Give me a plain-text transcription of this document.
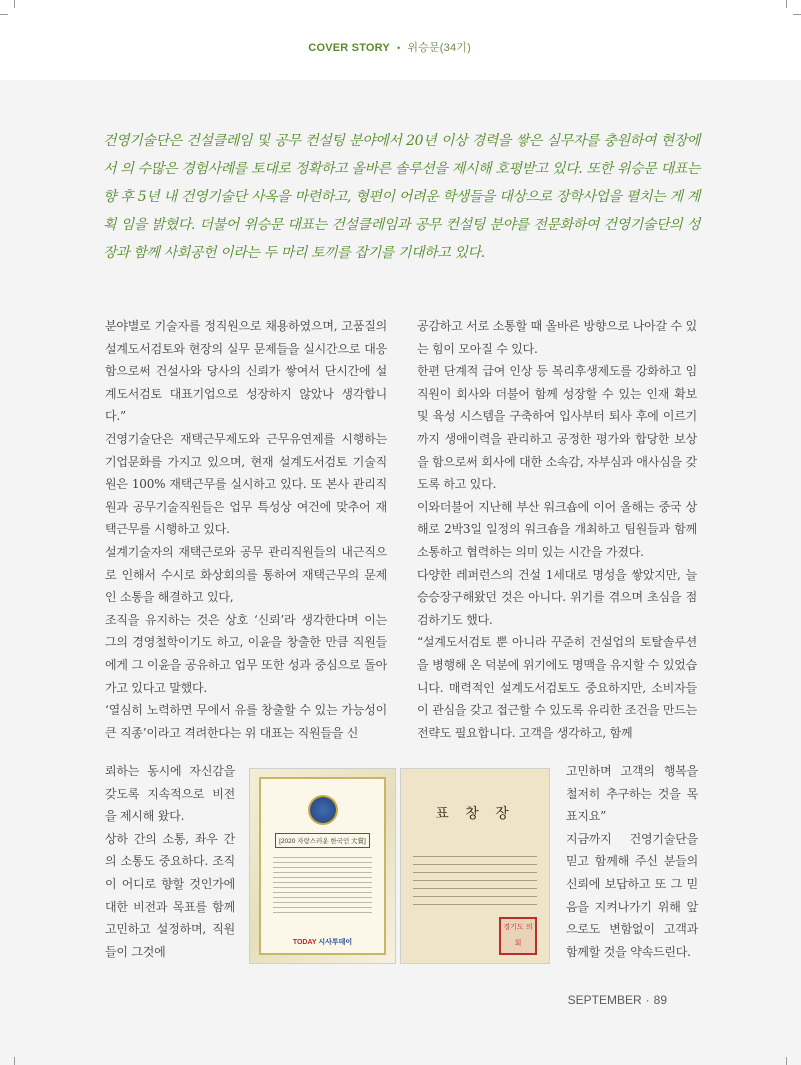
COVER STORY • 위승문(34기)
건영기술단은 건설클레임 및 공무 컨설팅 분야에서 20년 이상 경력을 쌓은 실무자를 충원하여 현장에서 의 수많은 경험사례를 토대로 정확하고 올바른 솔루션을 제시해 호평받고 있다. 또한 위승문 대표는 향 후 5년 내 건영기술단 사옥을 마련하고, 형편이 어려운 학생들을 대상으로 장학사업을 펼치는 게 계획 임을 밝혔다. 더불어 위승문 대표는 건설클레임과 공무 컨설팅 분야를 전문화하여 건영기술단의 성장과 함께 사회공헌 이라는 두 마리 토끼를 잡기를 기대하고 있다.

분야별로 기술자를 정직원으로 채용하였으며, 고품질의 설계도서검토와 현장의 실무 문제들을 실시간으로 대응함으로써 건설사와 당사의 신뢰가 쌓여서 단시간에 설계도서검토 대표기업으로 성장하지 않았나 생각합니다.”

건영기술단은 재택근무제도와 근무유연제를 시행하는 기업문화를 가지고 있으며, 현재 설계도서검토 기술직원은 100% 재택근무를 실시하고 있다. 또 본사 관리직원과 공무기술직원들은 업무 특성상 여건에 맞추어 재택근무를 시행하고 있다.

설계기술자의 재택근로와 공무 관리직원들의 내근직으로 인해서 수시로 화상회의를 통하여 재택근무의 문제인 소통을 해결하고 있다,

조직을 유지하는 것은 상호 ‘신뢰’라 생각한다며 이는 그의 경영철학이기도 하고, 이윤을 창출한 만큼 직원들에게 그 이윤을 공유하고 업무 또한 성과 중심으로 돌아가고 있다고 말했다.

‘열심히 노력하면 무에서 유를 창출할 수 있는 가능성이 큰 직종’이라고 격려한다는 위 대표는 직원들을 신

뢰하는 동시에 자신감을 갖도록 지속적으로 비전을 제시해 왔다.

상하 간의 소통, 좌우 간의 소통도 중요하다. 조직이 어디로 향할 것인가에 대한 비전과 목표를 함께 고민하고 설정하며, 직원들이 그것에

공감하고 서로 소통할 때 올바른 방향으로 나아갈 수 있는 힘이 모아질 수 있다.

한편 단계적 급여 인상 등 복리후생제도를 강화하고 임직원이 회사와 더불어 함께 성장할 수 있는 인재 확보 및 육성 시스템을 구축하여 입사부터 퇴사 후에 이르기까지 생애이력을 관리하고 공정한 평가와 합당한 보상을 함으로써 회사에 대한 소속감, 자부심과 애사심을 갖도록 하고 있다.

이와더불어 지난해 부산 워크숍에 이어 올해는 중국 상해로 2박3일 일정의 워크숍을 개최하고 팀원들과 함께 소통하고 협력하는 의미 있는 시간을 가졌다.

다양한 레퍼런스의 건설 1세대로 명성을 쌓았지만, 늘 승승장구해왔던 것은 아니다. 위기를 겪으며 초심을 점검하기도 했다.

“설계도서검토 뿐 아니라 꾸준히 건설업의 토탈솔루션을 병행해 온 덕분에 위기에도 명맥을 유지할 수 있었습니다. 매력적인 설계도서검토도 중요하지만, 소비자들이 관심을 갖고 접근할 수 있도록 유리한 조건을 만드는 전략도 필요합니다. 고객을 생각하고, 함께

고민하며 고객의 행복을 철저히 추구하는 것을 목표지요”

지금까지 건영기술단을 믿고 함께해 주신 분들의 신뢰에 보답하고 또 그 믿음을 지켜나가기 위해 앞으로도 변함없이 고객과 함께할 것을 약속드린다.

[2020 자랑스러운 한국인 大賞]
TODAY 시사투데이
표 창 장
경기도 의회
SEPTEMBER · 89
